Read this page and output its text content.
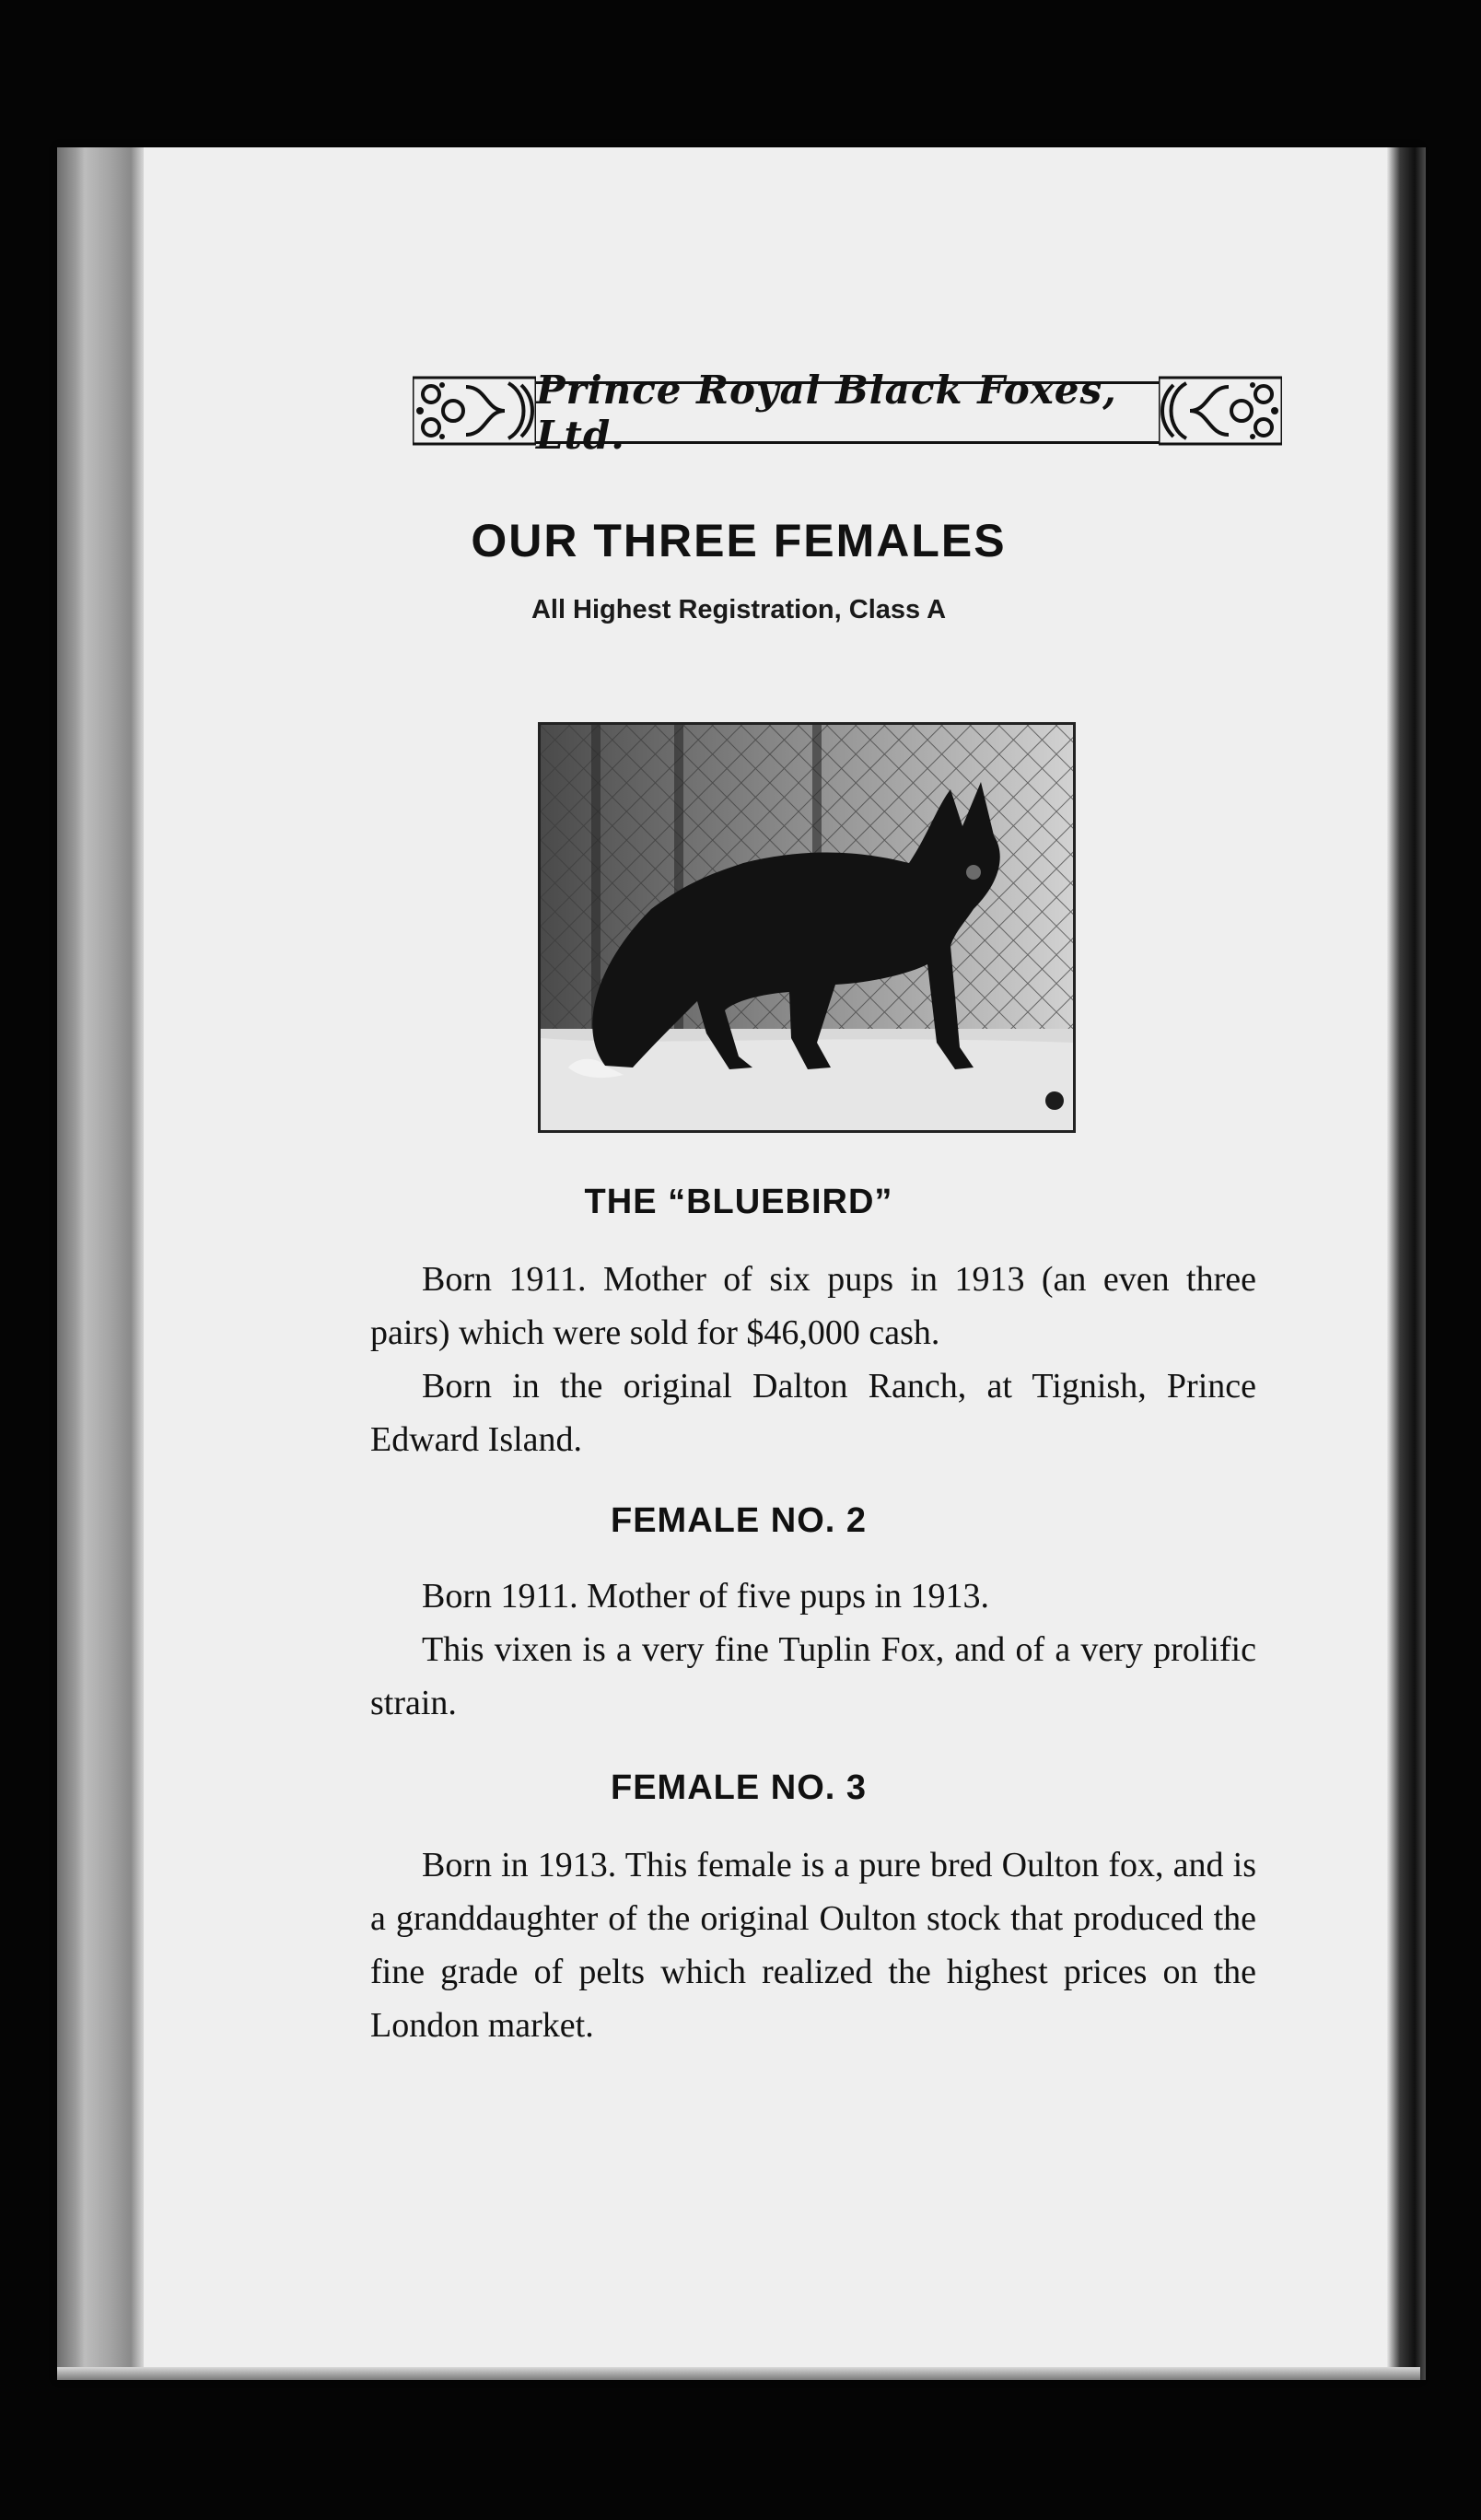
Prince Royal Black Foxes, Ltd.
OUR THREE FEMALES

All Highest Registration, Class A

THE “BLUEBIRD”

Born 1911. Mother of six pups in 1913 (an even three pairs) which were sold for $46,000 cash.

Born in the original Dalton Ranch, at Tignish, Prince Edward Island.

FEMALE NO. 2

Born 1911. Mother of five pups in 1913.

This vixen is a very fine Tuplin Fox, and of a very prolific strain.

FEMALE NO. 3

Born in 1913. This female is a pure bred Oulton fox, and is a granddaughter of the original Oulton stock that produced the fine grade of pelts which realized the highest prices on the London market.
